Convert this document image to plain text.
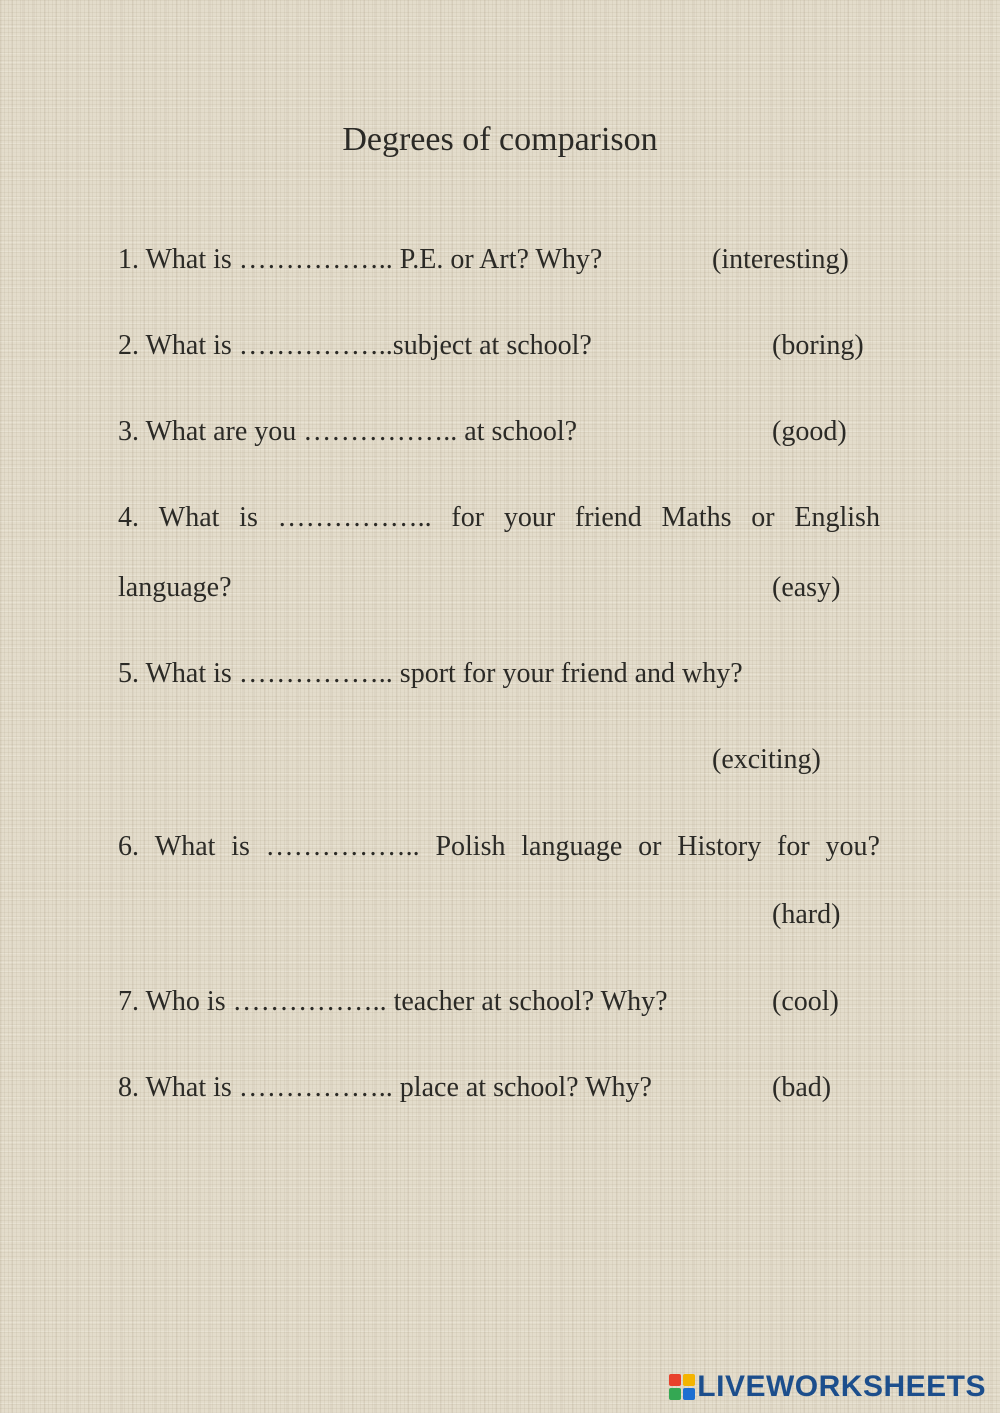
Degrees of comparison
1. What is …………….. P.E. or Art? Why?	(interesting)
2. What is ……………..subject at school?	(boring)
3. What are you …………….. at school?	(good)
4. What is …………….. for your friend Maths or English
language?	(easy)
5. What is …………….. sport for your friend and why?
(exciting)
6. What is …………….. Polish language or History for you?
(hard)
7. Who is …………….. teacher at school? Why?	(cool)
8. What is …………….. place at school? Why?	(bad)
LIVEWORKSHEETS
